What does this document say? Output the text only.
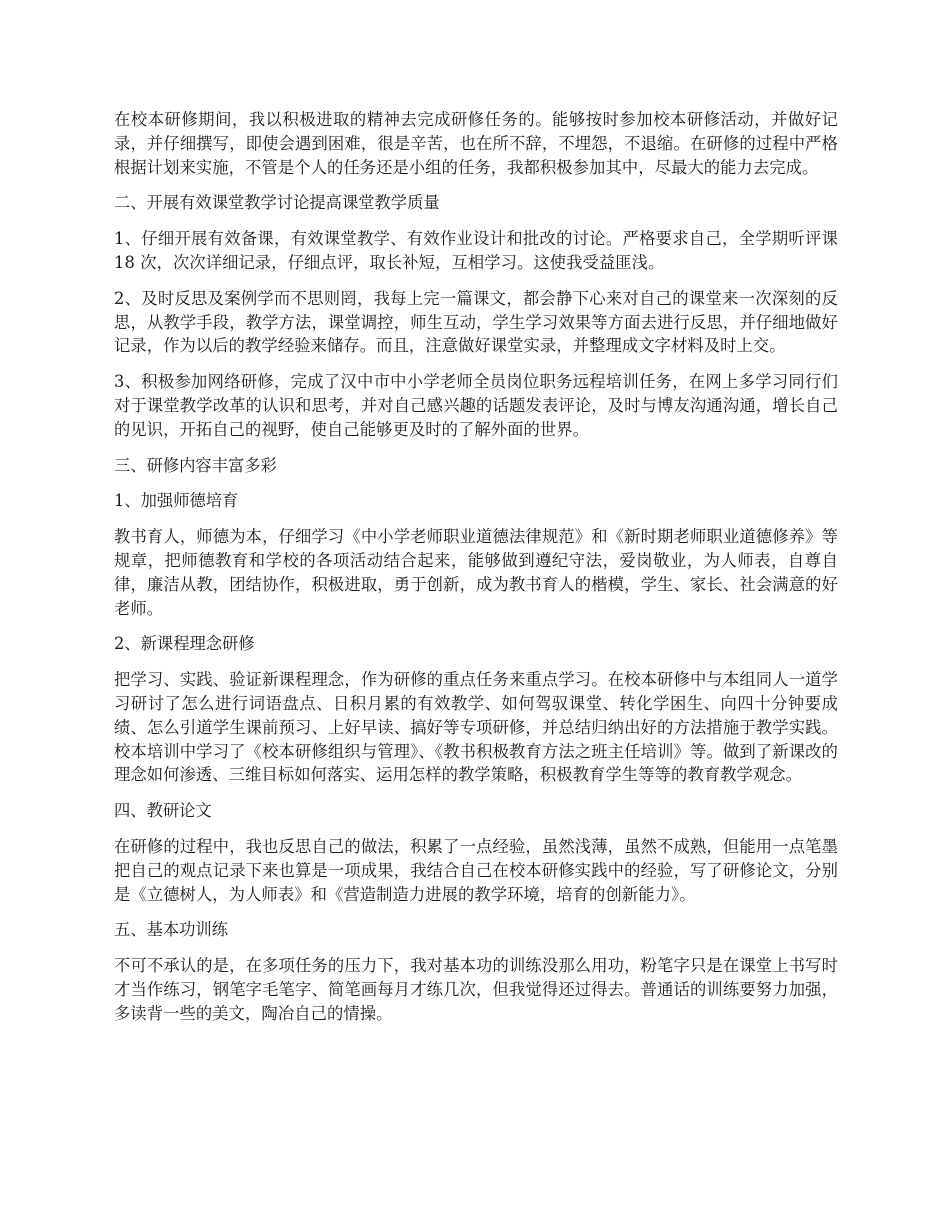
在校本研修期间，我以积极进取的精神去完成研修任务的。能够按时参加校本研修活动，并做好记录，并仔细撰写，即使会遇到困难，很是辛苦，也在所不辞，不埋怨，不退缩。在研修的过程中严格根据计划来实施，不管是个人的任务还是小组的任务，我都积极参加其中，尽最大的能力去完成。

二、开展有效课堂教学讨论提高课堂教学质量

1、仔细开展有效备课，有效课堂教学、有效作业设计和批改的讨论。严格要求自己，全学期听评课 18 次，次次详细记录，仔细点评，取长补短，互相学习。这使我受益匪浅。

2、及时反思及案例学而不思则罔，我每上完一篇课文，都会静下心来对自己的课堂来一次深刻的反思，从教学手段，教学方法，课堂调控，师生互动，学生学习效果等方面去进行反思，并仔细地做好记录，作为以后的教学经验来储存。而且，注意做好课堂实录，并整理成文字材料及时上交。

3、积极参加网络研修，完成了汉中市中小学老师全员岗位职务远程培训任务，在网上多学习同行们对于课堂教学改革的认识和思考，并对自己感兴趣的话题发表评论，及时与博友沟通沟通，增长自己的见识，开拓自己的视野，使自己能够更及时的了解外面的世界。

三、研修内容丰富多彩

1、加强师德培育

教书育人，师德为本，仔细学习《中小学老师职业道德法律规范》和《新时期老师职业道德修养》等规章，把师德教育和学校的各项活动结合起来，能够做到遵纪守法，爱岗敬业，为人师表，自尊自律，廉洁从教，团结协作，积极进取，勇于创新，成为教书育人的楷模，学生、家长、社会满意的好老师。

2、新课程理念研修

把学习、实践、验证新课程理念，作为研修的重点任务来重点学习。在校本研修中与本组同人一道学习研讨了怎么进行词语盘点、日积月累的有效教学、如何驾驭课堂、转化学困生、向四十分钟要成绩、怎么引道学生课前预习、上好早读、搞好等专项研修，并总结归纳出好的方法措施于教学实践。校本培训中学习了《校本研修组织与管理》、《教书积极教育方法之班主任培训》等。做到了新课改的理念如何渗透、三维目标如何落实、运用怎样的教学策略，积极教育学生等等的教育教学观念。

四、教研论文

在研修的过程中，我也反思自己的做法，积累了一点经验，虽然浅薄，虽然不成熟，但能用一点笔墨把自己的观点记录下来也算是一项成果，我结合自己在校本研修实践中的经验，写了研修论文，分别是《立德树人，为人师表》和《营造制造力进展的教学环境，培育的创新能力》。

五、基本功训练

不可不承认的是，在多项任务的压力下，我对基本功的训练没那么用功，粉笔字只是在课堂上书写时才当作练习，钢笔字毛笔字、简笔画每月才练几次，但我觉得还过得去。普通话的训练要努力加强，多读背一些的美文，陶冶自己的情操。
